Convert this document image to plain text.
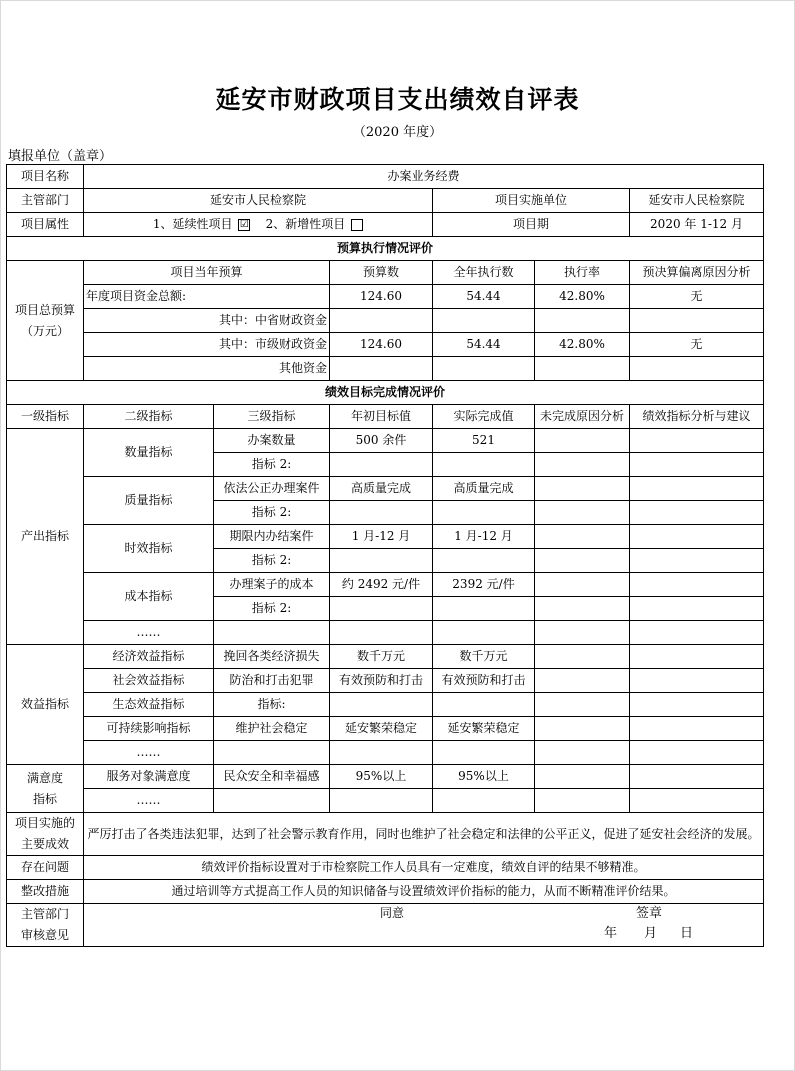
延安市财政项目支出绩效自评表
（2020 年度）
填报单位（盖章）
项目名称	办案业务经费					
主管部门	延安市人民检察院			项目实施单位		延安市人民检察院
项目属性	1、延续性项目 ☑ 2、新增性项目			项目期		2020 年 1-12 月
预算执行情况评价						
项目总预算
（万元）	项目当年预算		预算数	全年执行数	执行率	预决算偏离原因分析
	年度项目资金总额:		124.60	54.44	42.80%	无
	其中：中省财政资金					
	其中：市级财政资金		124.60	54.44	42.80%	无
	其他资金					
绩效目标完成情况评价						
一级指标	二级指标	三级指标	年初目标值	实际完成值	未完成原因分析	绩效指标分析与建议
产出指标	数量指标	办案数量	500 余件	521		
		指标 2:				
	质量指标	依法公正办理案件	高质量完成	高质量完成		
		指标 2:				
	时效指标	期限内办结案件	1 月-12 月	1 月-12 月		
		指标 2:				
	成本指标	办理案子的成本	约 2492 元/件	2392 元/件		
		指标 2:				
	……					
效益指标	经济效益指标	挽回各类经济损失	数千万元	数千万元		
	社会效益指标	防治和打击犯罪	有效预防和打击	有效预防和打击		
	生态效益指标	指标:				
	可持续影响指标	维护社会稳定	延安繁荣稳定	延安繁荣稳定		
	……					
满意度
指标	服务对象满意度	民众安全和幸福感	95%以上	95%以上		
	……					
项目实施的
主要成效	严厉打击了各类违法犯罪，达到了社会警示教育作用，同时也维护了社会稳定和法律的公平正义，促进了延安社会经济的发展。					
存在问题	绩效评价指标设置对于市检察院工作人员具有一定难度，绩效自评的结果不够精准。					
整改措施	通过培训等方式提高工作人员的知识储备与设置绩效评价指标的能力，从而不断精准评价结果。					
主管部门
审核意见	同意 签章
年 月 日					
